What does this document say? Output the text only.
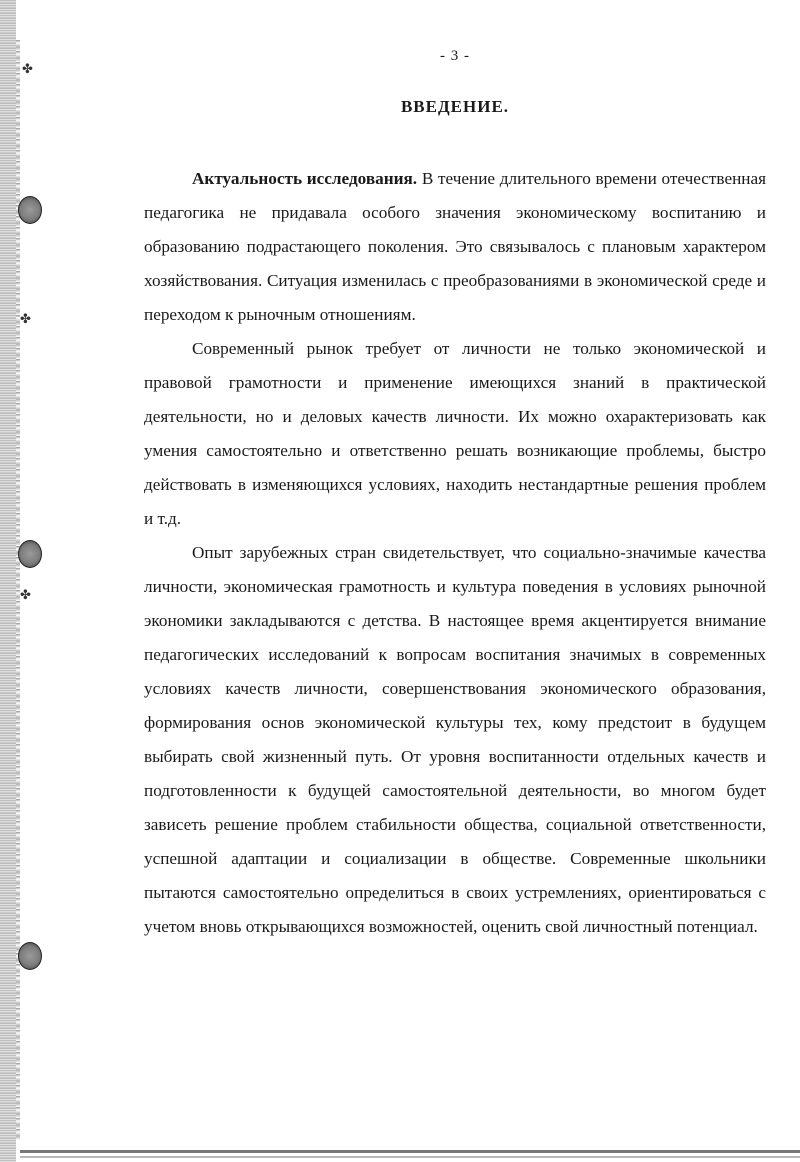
✤
✤
✤
- 3 -
ВВЕДЕНИЕ.

Актуальность исследования. В течение длительного времени отечественная педагогика не придавала особого значения экономическому воспитанию и образованию подрастающего поколения. Это связывалось с плановым характером хозяйствования. Ситуация изменилась с преобразованиями в экономической среде и переходом к рыночным отношениям.

Современный рынок требует от личности не только экономической и правовой грамотности и применение имеющихся знаний в практической деятельности, но и деловых качеств личности. Их можно охарактеризовать как умения самостоятельно и ответственно решать возникающие проблемы, быстро действовать в изменяющихся условиях, находить нестандартные решения проблем и т.д.

Опыт зарубежных стран свидетельствует, что социально-значимые качества личности, экономическая грамотность и культура поведения в условиях рыночной экономики закладываются с детства. В настоящее время акцентируется внимание педагогических исследований к вопросам воспитания значимых в современных условиях качеств личности, совершенствования экономического образования, формирования основ экономической культуры тех, кому предстоит в будущем выбирать свой жизненный путь. От уровня воспитанности отдельных качеств и подготовленности к будущей самостоятельной деятельности, во многом будет зависеть решение проблем стабильности общества, социальной ответственности, успешной адаптации и социализации в обществе. Современные школьники пытаются самостоятельно определиться в своих устремлениях, ориентироваться с учетом вновь открывающихся возможностей, оценить свой личностный потенциал.
